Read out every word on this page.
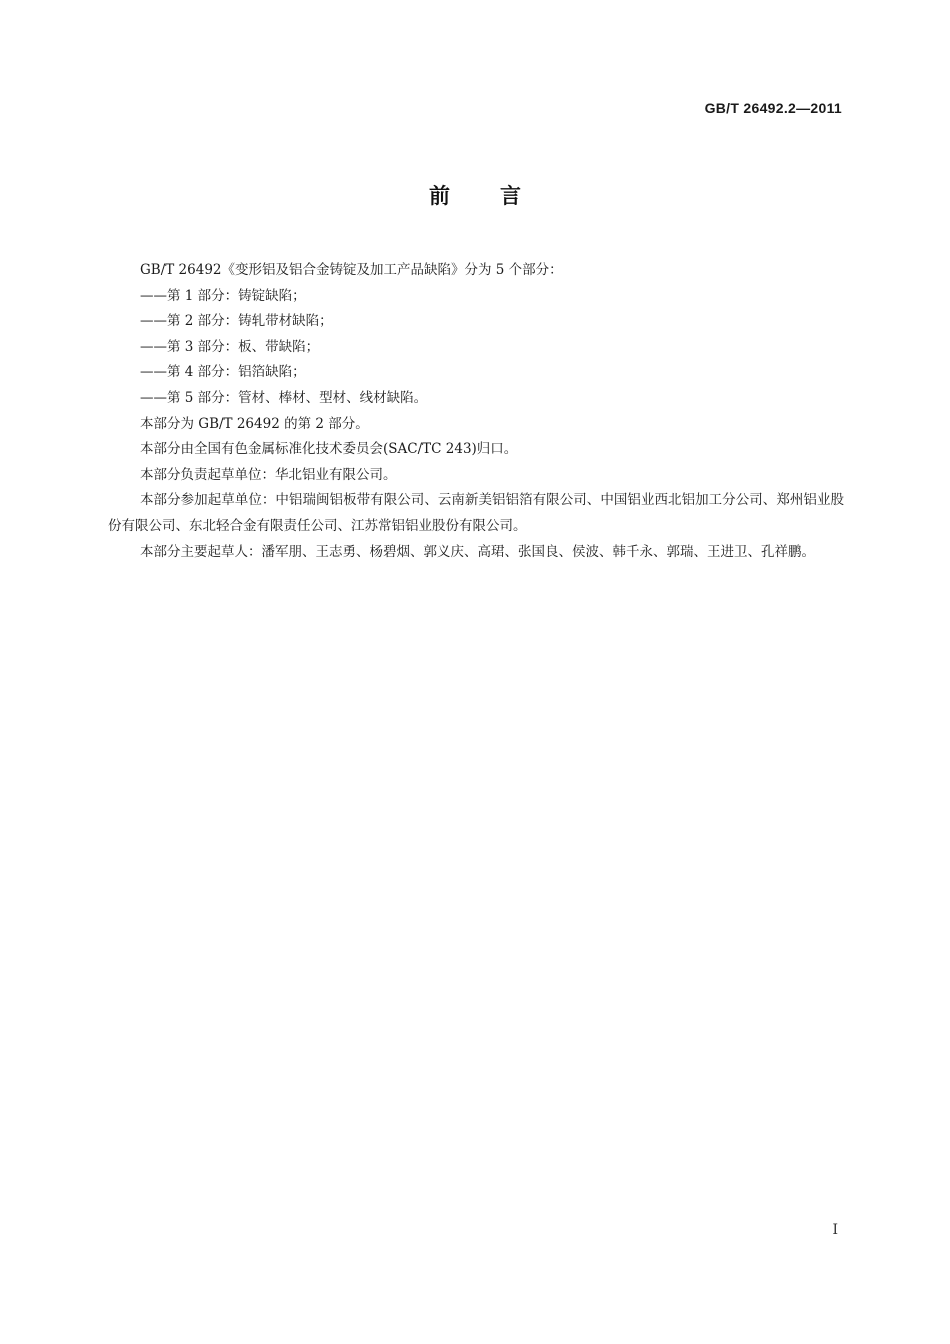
GB/T 26492.2—2011
前 言

GB/T 26492《变形铝及铝合金铸锭及加工产品缺陷》分为 5 个部分：

——第 1 部分：铸锭缺陷；

——第 2 部分：铸轧带材缺陷；

——第 3 部分：板、带缺陷；

——第 4 部分：铝箔缺陷；

——第 5 部分：管材、棒材、型材、线材缺陷。

本部分为 GB/T 26492 的第 2 部分。

本部分由全国有色金属标准化技术委员会(SAC/TC 243)归口。

本部分负责起草单位：华北铝业有限公司。

本部分参加起草单位：中铝瑞闽铝板带有限公司、云南新美铝铝箔有限公司、中国铝业西北铝加工分公司、郑州铝业股份有限公司、东北轻合金有限责任公司、江苏常铝铝业股份有限公司。

本部分主要起草人：潘军朋、王志勇、杨碧烟、郭义庆、高珺、张国良、侯波、韩千永、郭瑞、王进卫、孔祥鹏。

I
